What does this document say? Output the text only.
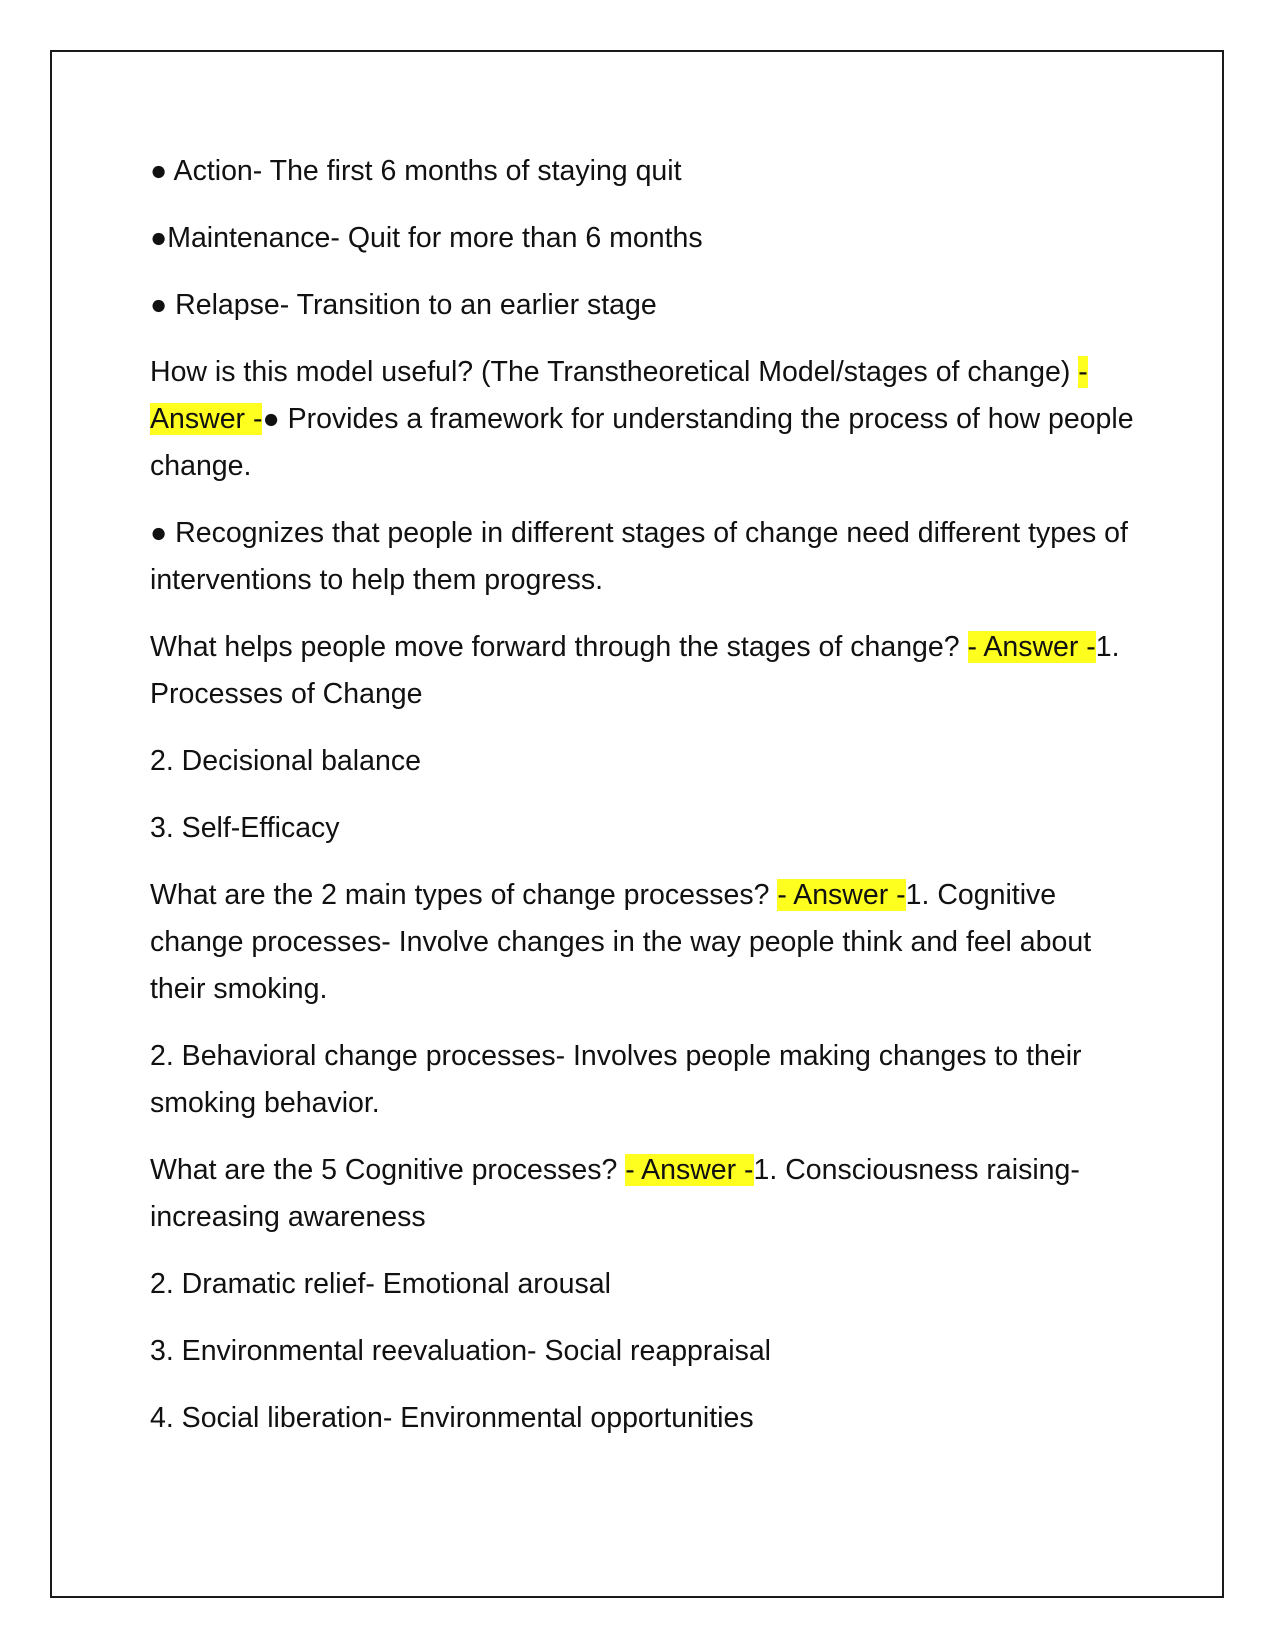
● Action- The first 6 months of staying quit

●Maintenance- Quit for more than 6 months

● Relapse- Transition to an earlier stage

How is this model useful? (The Transtheoretical Model/stages of change) - Answer -● Provides a framework for understanding the process of how people change.

● Recognizes that people in different stages of change need different types of interventions to help them progress.

What helps people move forward through the stages of change? - Answer -1. Processes of Change

2. Decisional balance

3. Self-Efficacy

What are the 2 main types of change processes? - Answer -1. Cognitive change processes- Involve changes in the way people think and feel about their smoking.

2. Behavioral change processes- Involves people making changes to their smoking behavior.

What are the 5 Cognitive processes? - Answer -1. Consciousness raising- increasing awareness

2. Dramatic relief- Emotional arousal

3. Environmental reevaluation- Social reappraisal

4. Social liberation- Environmental opportunities
